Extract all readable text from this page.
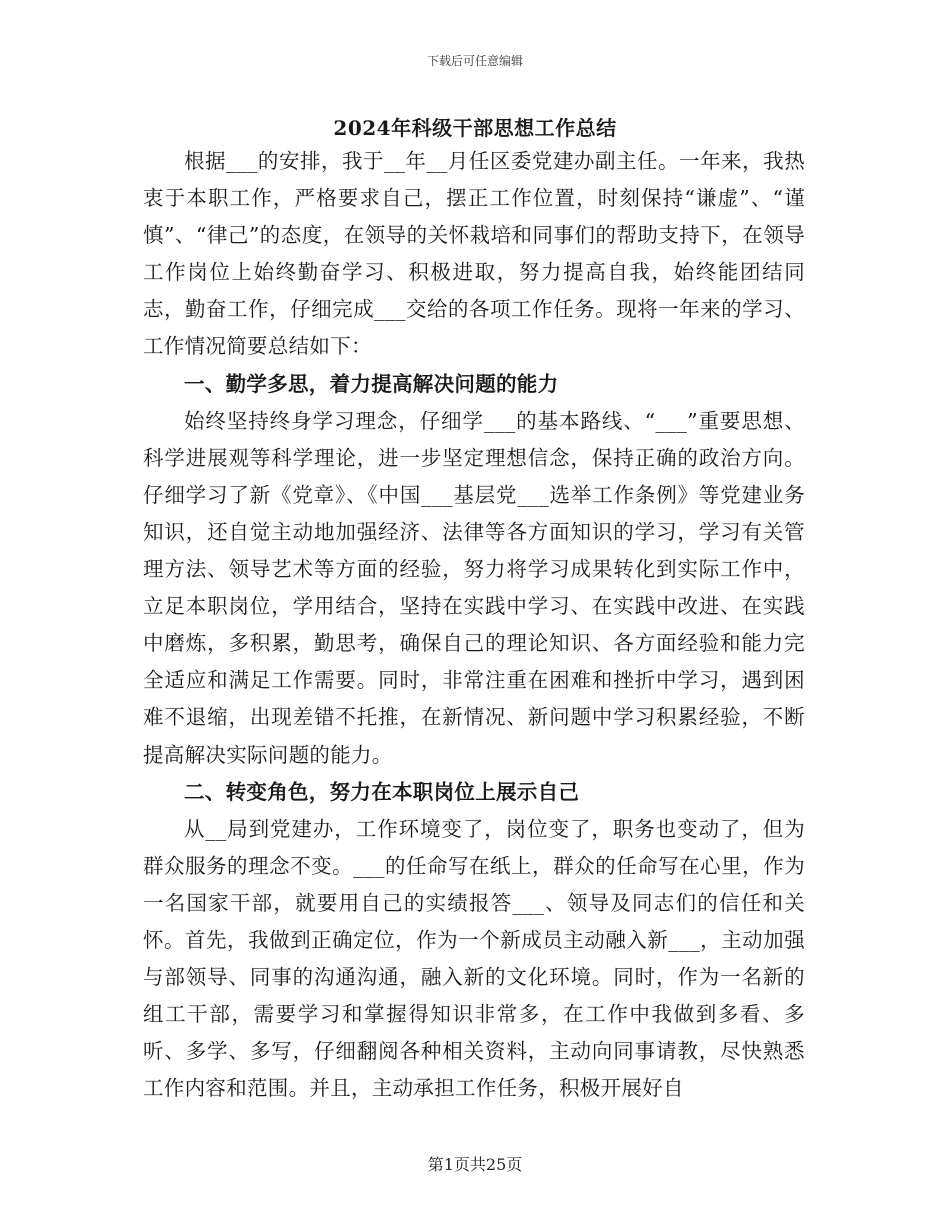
下载后可任意编辑
2024年科级干部思想工作总结

根据___的安排，我于__年__月任区委党建办副主任。一年来，我热衷于本职工作，严格要求自己，摆正工作位置，时刻保持“谦虚”、“谨慎”、“律己”的态度，在领导的关怀栽培和同事们的帮助支持下，在领导工作岗位上始终勤奋学习、积极进取，努力提高自我，始终能团结同志，勤奋工作，仔细完成___交给的各项工作任务。现将一年来的学习、工作情况简要总结如下：

一、勤学多思，着力提高解决问题的能力

始终坚持终身学习理念，仔细学___的基本路线、“___”重要思想、科学进展观等科学理论，进一步坚定理想信念，保持正确的政治方向。仔细学习了新《党章》、《中国___基层党___选举工作条例》等党建业务知识，还自觉主动地加强经济、法律等各方面知识的学习，学习有关管理方法、领导艺术等方面的经验，努力将学习成果转化到实际工作中，立足本职岗位，学用结合，坚持在实践中学习、在实践中改进、在实践中磨炼，多积累，勤思考，确保自己的理论知识、各方面经验和能力完全适应和满足工作需要。同时，非常注重在困难和挫折中学习，遇到困难不退缩，出现差错不托推，在新情况、新问题中学习积累经验，不断提高解决实际问题的能力。

二、转变角色，努力在本职岗位上展示自己

从__局到党建办，工作环境变了，岗位变了，职务也变动了，但为群众服务的理念不变。___的任命写在纸上，群众的任命写在心里，作为一名国家干部，就要用自己的实绩报答___、领导及同志们的信任和关怀。首先，我做到正确定位，作为一个新成员主动融入新___，主动加强与部领导、同事的沟通沟通，融入新的文化环境。同时，作为一名新的组工干部，需要学习和掌握得知识非常多，在工作中我做到多看、多听、多学、多写，仔细翻阅各种相关资料，主动向同事请教，尽快熟悉工作内容和范围。并且，主动承担工作任务，积极开展好自

第1页共25页
